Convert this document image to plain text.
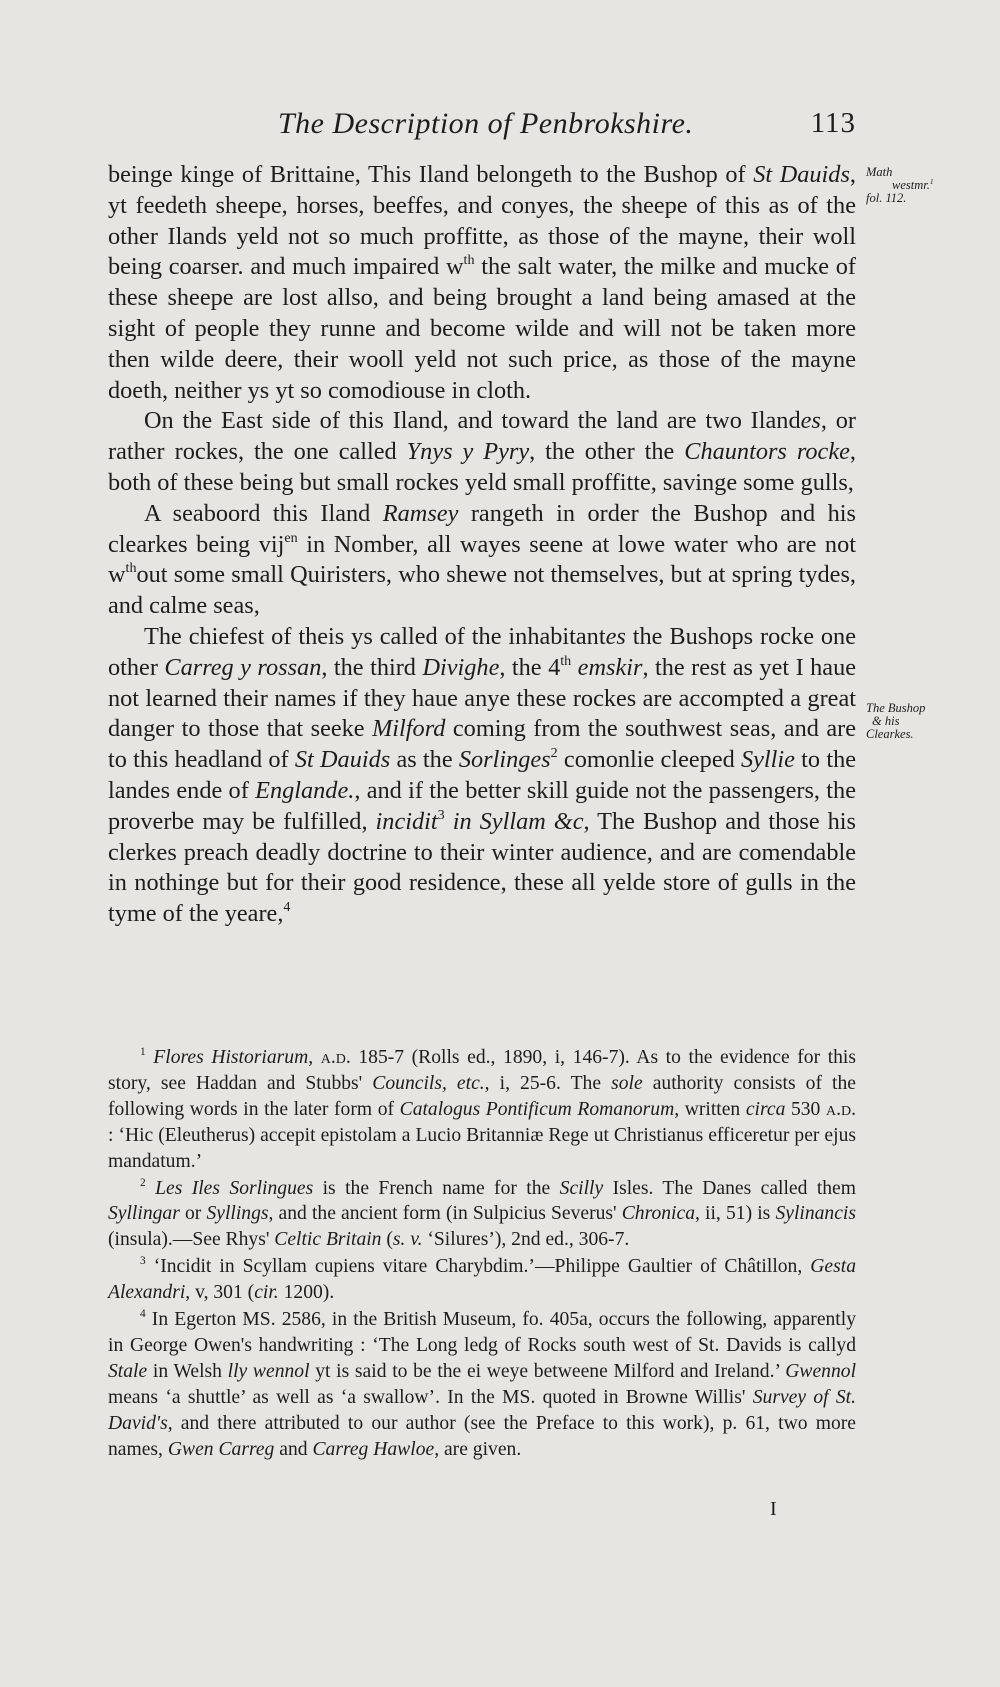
The Description of Penbrokshire.	113
Math
westmr.$^1$
fol. 112.
The Bushop
& his
Clearkes.

beinge kinge of Brittaine, This Iland belongeth to the Bushop of St Dauids, yt feedeth sheepe, horses, beeffes, and conyes, the sheepe of this as of the other Ilands yeld not so much proffitte, as those of the mayne, their woll being coarser. and much impaired $w^{th}$ the salt water, the milke and mucke of these sheepe are lost allso, and being brought a land being amased at the sight of people they runne and become wilde and will not be taken more then wilde deere, their wooll yeld not such price, as those of the mayne doeth, neither ys yt so comodiouse in cloth.

On the East side of this Iland, and toward the land are two Ilandes, or rather rockes, the one called Ynys y Pyry, the other the Chauntors rocke, both of these being but small rockes yeld small proffitte, savinge some gulls,

A seaboord this Iland Ramsey rangeth in order the Bushop and his clearkes being vij$^{en}$ in Nomber, all wayes seene at lowe water who are not $w^{th}out$ some small Quiristers, who shewe not themselves, but at spring tydes, and calme seas,

The chiefest of theis ys called of the inhabitantes the Bushops rocke one other Carreg y rossan, the third Divighe, the 4th emskir, the rest as yet I haue not learned their names if they haue anye these rockes are accompted a great danger to those that seeke Milford coming from the southwest seas, and are to this headland of St Dauids as the Sorlinges$^2$ comonlie cleeped Syllie to the landes ende of Englande., and if the better skill guide not the passengers, the proverbe may be fulfilled, incidit$^3$ in Syllam &c, The Bushop and those his clerkes preach deadly doctrine to their winter audience, and are comendable in nothinge but for their good residence, these all yelde store of gulls in the tyme of the yeare,$^4$

$^1$ Flores Historiarum, a.d. 185-7 (Rolls ed., 1890, i, 146-7). As to the evidence for this story, see Haddan and Stubbs' Councils, etc., i, 25-6. The sole authority consists of the following words in the later form of Catalogus Pontificum Romanorum, written circa 530 a.d. : ‘Hic (Eleutherus) accepit epistolam a Lucio Britanniæ Rege ut Christianus efficeretur per ejus mandatum.’

$^2$ Les Iles Sorlingues is the French name for the Scilly Isles. The Danes called them Syllingar or Syllings, and the ancient form (in Sulpicius Severus' Chronica, ii, 51) is Sylinancis (insula).—See Rhys' Celtic Britain (s. v. ‘Silures’), 2nd ed., 306-7.

$^3$ ‘Incidit in Scyllam cupiens vitare Charybdim.’—Philippe Gaultier of Châtillon, Gesta Alexandri, v, 301 (cir. 1200).

$^4$ In Egerton MS. 2586, in the British Museum, fo. 405a, occurs the following, apparently in George Owen's handwriting : ‘The Long ledg of Rocks south west of St. Davids is callyd Stale in Welsh lly wennol yt is said to be the ei weye betweene Milford and Ireland.’ Gwennol means ‘a shuttle’ as well as ‘a swallow’. In the MS. quoted in Browne Willis' Survey of St. David's, and there attributed to our author (see the Preface to this work), p. 61, two more names, Gwen Carreg and Carreg Hawloe, are given.

I
